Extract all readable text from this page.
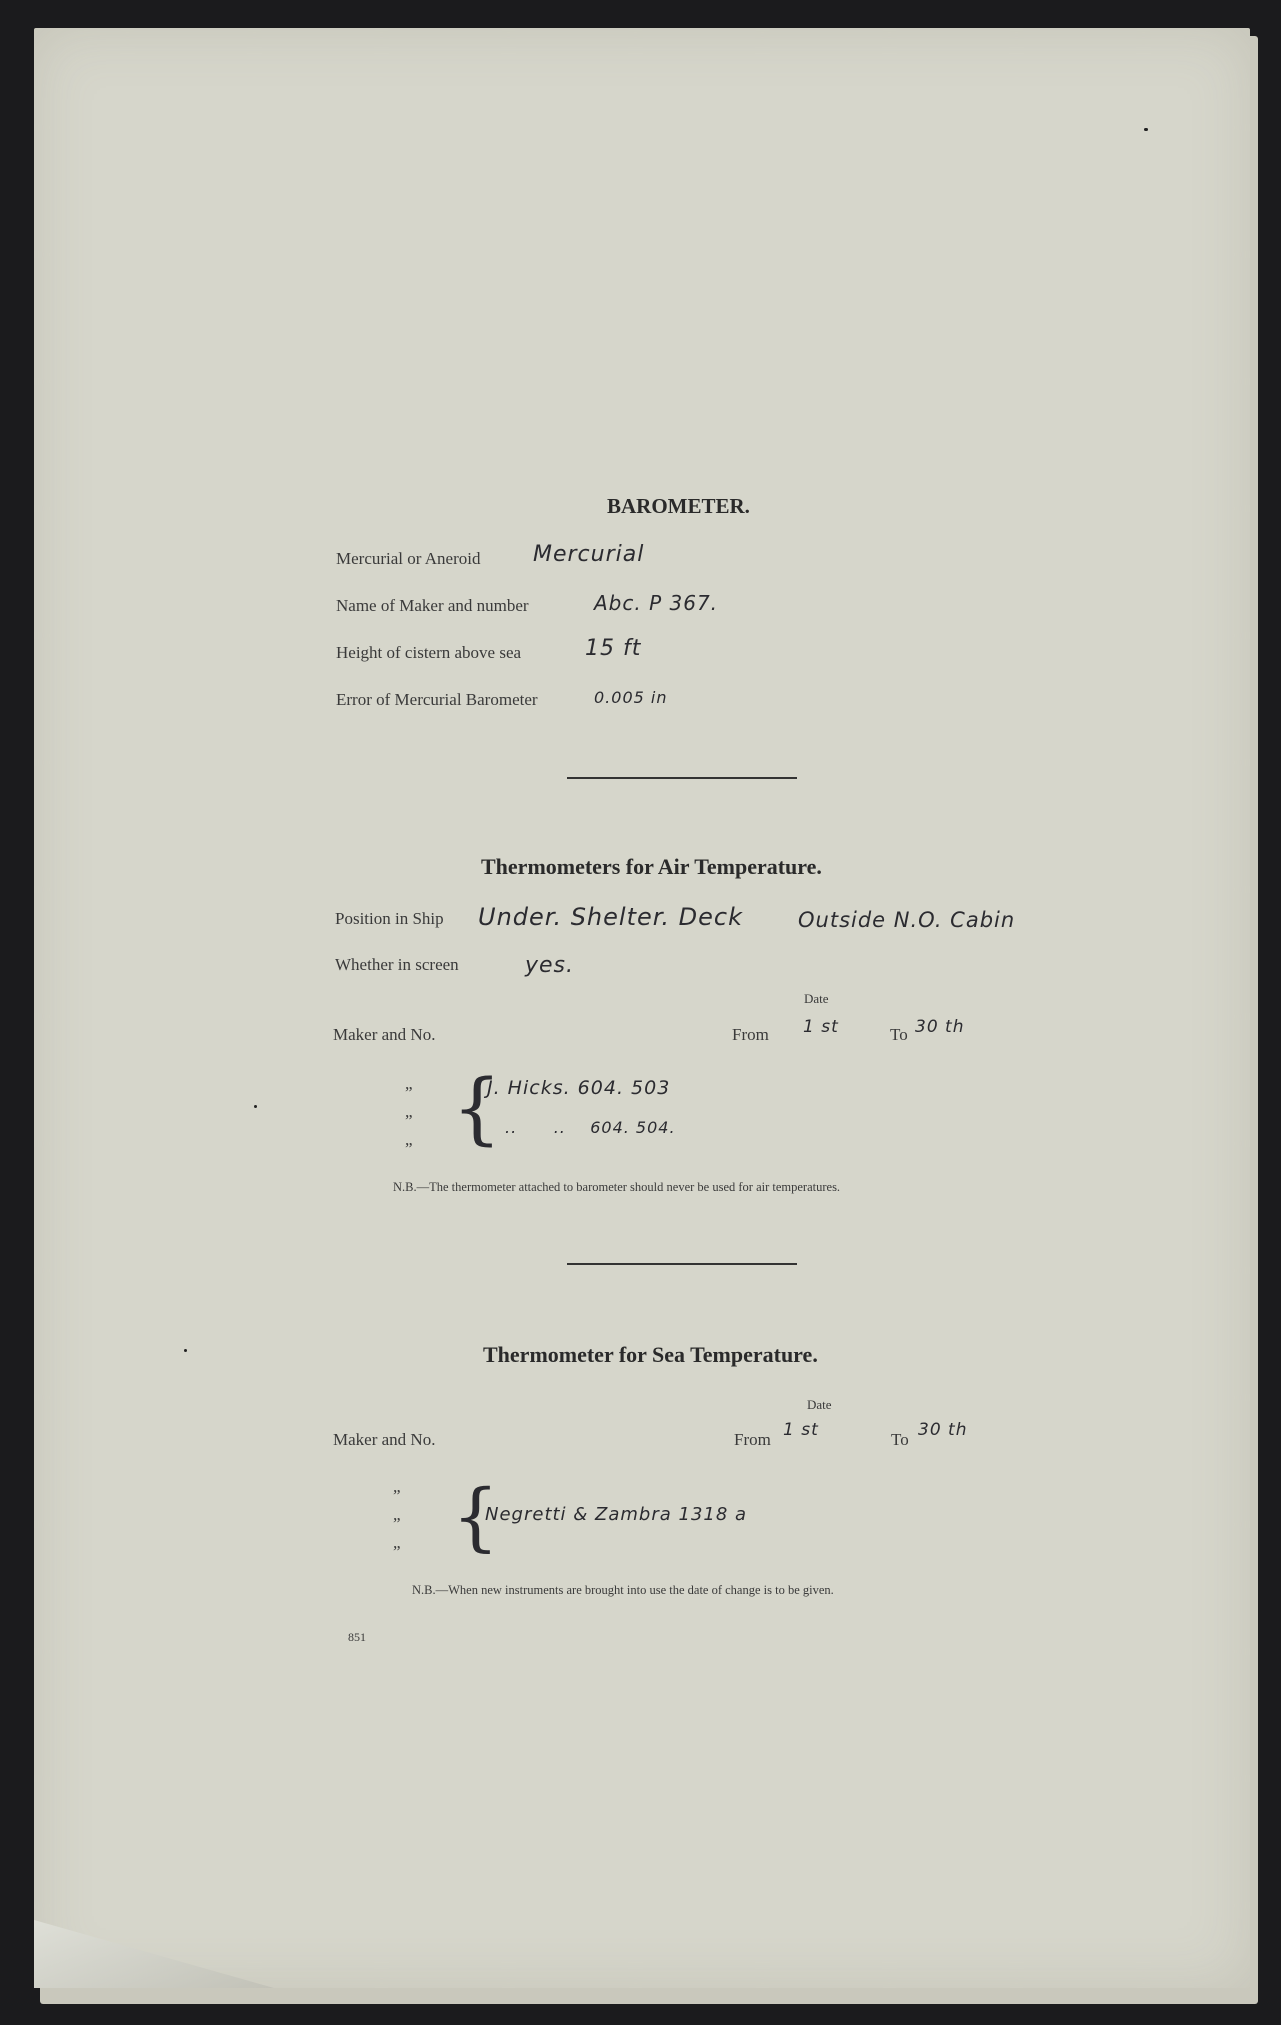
BAROMETER.
Mercurial or Aneroid Mercurial
Name of Maker and number	Abc. P 367.
Height of cistern above sea	15 ft
Error of Mercurial Barometer	0.005 in
Thermometers for Air Temperature.
Position in Ship Under. Shelter. Deck	Outside N.O. Cabin
Whether in screen	yes.
Date
Maker and No.	From 1 st	To 30 th
”
”
” {
J. Hicks. 604. 503
..      ..    604. 504.
N.B.—The thermometer attached to barometer should never be used for air temperatures.
Thermometer for Sea Temperature.
Date
Maker and No.	From 1 st	To 30 th
”
”
” {
Negretti & Zambra 1318 a
N.B.—When new instruments are brought into use the date of change is to be given.
851
